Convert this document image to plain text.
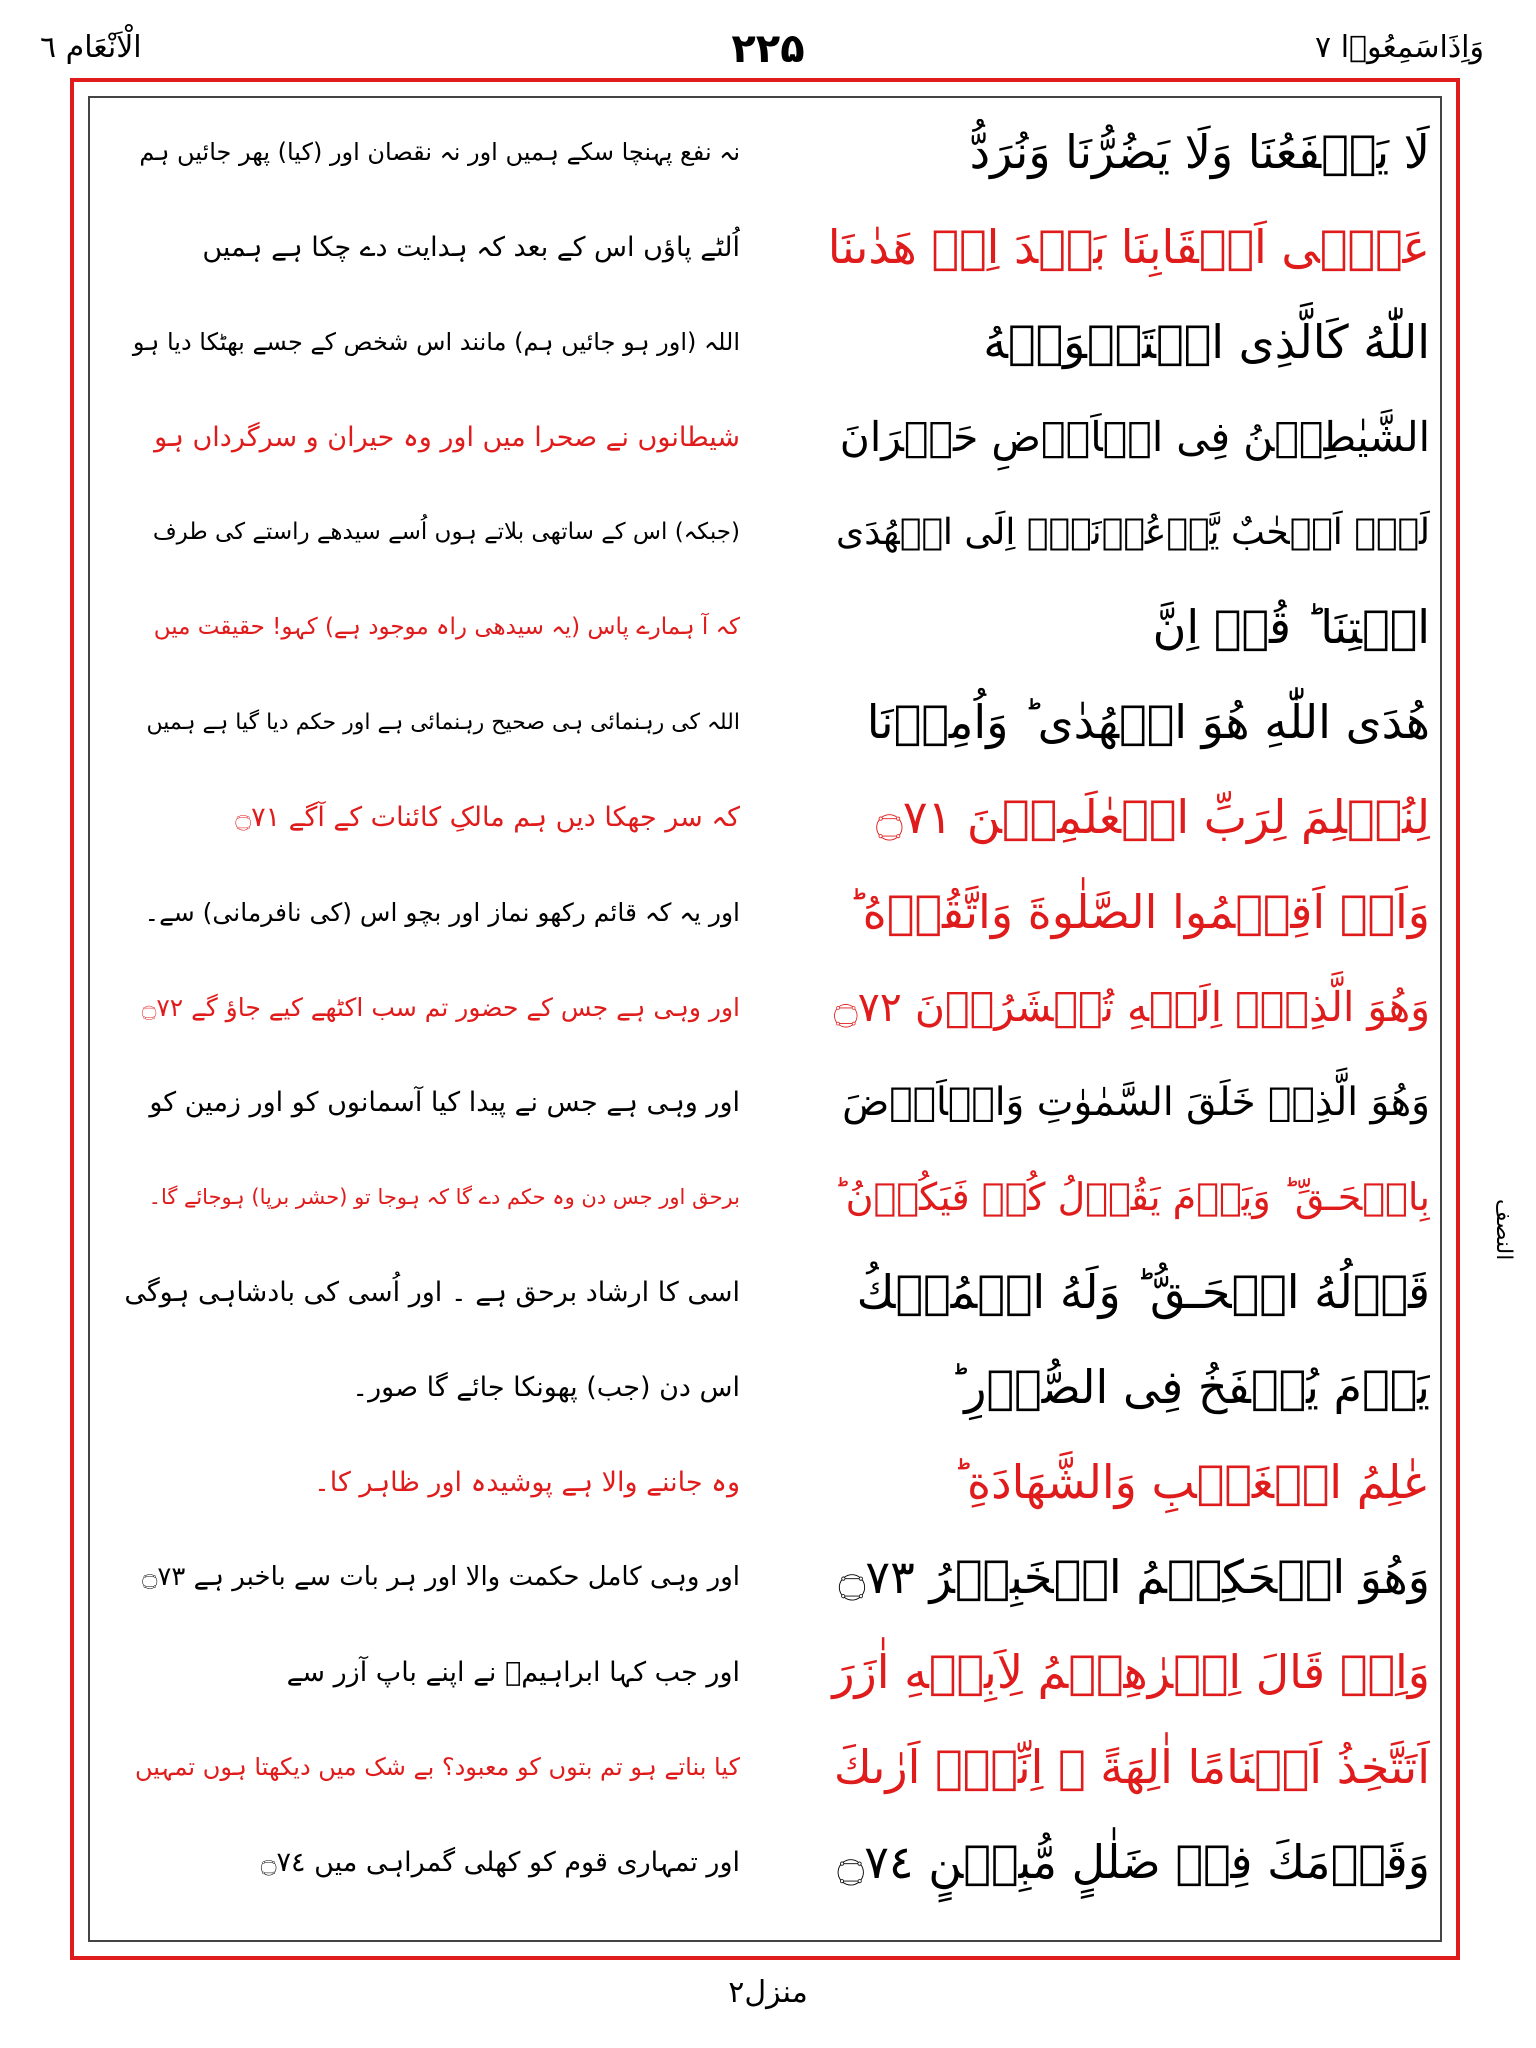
وَاِذَاسَمِعُوۡا ۷
۲۲۵
الْاَنْعَام ٦
لَا يَنۡفَعُنَا وَلَا يَضُرُّنَا وَنُرَدُّ
نہ نفع پہنچا سکے ہمیں اور نہ نقصان اور (کیا) پھر جائیں ہم
عَلٰۤى اَعۡقَابِنَا بَعۡدَ اِذۡ هَدٰٮنَا
اُلٹے پاؤں اس کے بعد کہ ہدایت دے چکا ہے ہمیں
اللّٰهُ كَالَّذِى اسۡتَهۡوَتۡهُ
اللہ (اور ہو جائیں ہم) مانند اس شخص کے جسے بھٹکا دیا ہو
الشَّيٰطِيۡنُ فِى الۡاَرۡضِ حَيۡرَانَ
شیطانوں نے صحرا میں اور وہ حیران و سرگرداں ہو
لَهٗۤ اَصۡحٰبٌ يَّدۡعُوۡنَهٗۤ اِلَى الۡهُدَى
(جبکہ) اس کے ساتھی بلاتے ہوں اُسے سیدھے راستے کی طرف
ائۡتِنَا ؕ قُلۡ اِنَّ
کہ آ ہمارے پاس (یہ سیدھی راہ موجود ہے) کہو! حقیقت میں
هُدَى اللّٰهِ هُوَ الۡهُدٰى ؕ وَاُمِرۡنَا
اللہ کی رہنمائی ہی صحیح رہنمائی ہے اور حکم دیا گیا ہے ہمیں
لِنُسۡلِمَ لِرَبِّ الۡعٰلَمِيۡنَ ۝٧١
کہ سر جھکا دیں ہم مالکِ کائنات کے آگے ۝٧١
وَاَنۡ اَقِيۡمُوا الصَّلٰوةَ وَاتَّقُوۡهُ ؕ
اور یہ کہ قائم رکھو نماز اور بچو اس (کی نافرمانی) سے۔
وَهُوَ الَّذِىۡۤ اِلَيۡهِ تُحۡشَرُوۡنَ ۝٧٢
اور وہی ہے جس کے حضور تم سب اکٹھے کیے جاؤ گے ۝٧٢
وَهُوَ الَّذِىۡ خَلَقَ السَّمٰوٰتِ وَالۡاَرۡضَ
اور وہی ہے جس نے پیدا کیا آسمانوں کو اور زمین کو
بِالۡحَـقِّ ؕ وَيَوۡمَ يَقُوۡلُ كُنۡ فَيَكُوۡنُ ؕ
برحق اور جس دن وہ حکم دے گا کہ ہوجا تو (حشر برپا) ہوجائے گا۔
قَوۡلُهُ الۡحَـقُّ ؕ وَلَهُ الۡمُلۡكُ
اسی کا ارشاد برحق ہے ۔ اور اُسی کی بادشاہی ہوگی
يَوۡمَ يُنۡفَخُ فِى الصُّوۡرِ ؕ
اس دن (جب) پھونکا جائے گا صور۔
عٰلِمُ الۡغَيۡبِ وَالشَّهَادَةِ ؕ
وہ جاننے والا ہے پوشیدہ اور ظاہر کا۔
وَهُوَ الۡحَكِيۡمُ الۡخَبِيۡرُ ۝٧٣
اور وہی کامل حکمت والا اور ہر بات سے باخبر ہے ۝٧٣
وَاِذۡ قَالَ اِبۡرٰهِيۡمُ لِاَبِيۡهِ اٰزَرَ
اور جب کہا ابراہیمؑ نے اپنے باپ آزر سے
اَتَتَّخِذُ اَصۡنَامًا اٰلِهَةً ۚ اِنِّىۡۤ اَرٰٮكَ
کیا بناتے ہو تم بتوں کو معبود؟ بے شک میں دیکھتا ہوں تمہیں
وَقَوۡمَكَ فِىۡ ضَلٰلٍ مُّبِيۡنٍ ۝٧٤
اور تمہاری قوم کو کھلی گمراہی میں ۝٧٤
النصف
منزل۲
